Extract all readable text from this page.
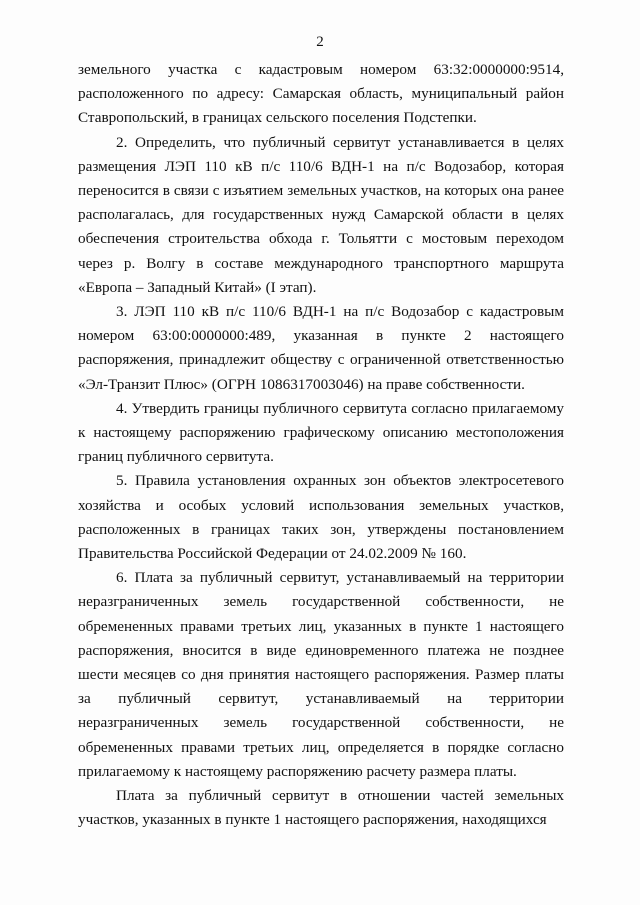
2

земельного участка с кадастровым номером 63:32:0000000:9514, расположенного по адресу: Самарская область, муниципальный район Ставропольский, в границах сельского поселения Подстепки.

2. Определить, что публичный сервитут устанавливается в целях размещения ЛЭП 110 кВ п/с 110/6 ВДН-1 на п/с Водозабор, которая переносится в связи с изъятием земельных участков, на которых она ранее располагалась, для государственных нужд Самарской области в целях обеспечения строительства обхода г. Тольятти с мостовым переходом через р. Волгу в составе международного транспортного маршрута «Европа – Западный Китай» (I этап).

3. ЛЭП 110 кВ п/с 110/6 ВДН-1 на п/с Водозабор с кадастровым номером 63:00:0000000:489, указанная в пункте 2 настоящего распоряжения, принадлежит обществу с ограниченной ответственностью «Эл-Транзит Плюс» (ОГРН 1086317003046) на праве собственности.

4. Утвердить границы публичного сервитута согласно прилагаемому к настоящему распоряжению графическому описанию местоположения границ публичного сервитута.

5. Правила установления охранных зон объектов электросетевого хозяйства и особых условий использования земельных участков, расположенных в границах таких зон, утверждены постановлением Правительства Российской Федерации от 24.02.2009 № 160.

6. Плата за публичный сервитут, устанавливаемый на территории неразграниченных земель государственной собственности, не обремененных правами третьих лиц, указанных в пункте 1 настоящего распоряжения, вносится в виде единовременного платежа не позднее шести месяцев со дня принятия настоящего распоряжения. Размер платы за публичный сервитут, устанавливаемый на территории неразграниченных земель государственной собственности, не обремененных правами третьих лиц, определяется в порядке согласно прилагаемому к настоящему распоряжению расчету размера платы.

Плата за публичный сервитут в отношении частей земельных участков, указанных в пункте 1 настоящего распоряжения, находящихся
